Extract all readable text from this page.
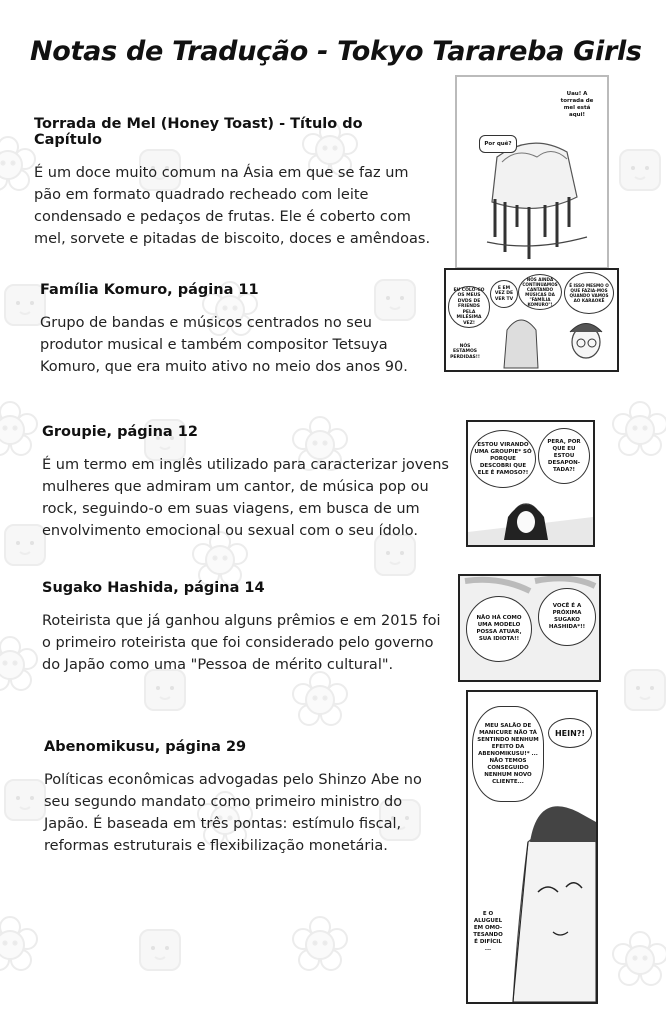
Notas de Tradução - Tokyo Tarareba Girls
Torrada de Mel (Honey Toast) - Título do Capítulo

É um doce muito comum na Ásia em que se faz um pão em formato quadrado recheado com leite condensado e pedaços de frutas. Ele é coberto com mel, sorvete e pitadas de biscoito, doces e amêndoas.

Família Komuro, página 11

Grupo de bandas e músicos centrados no seu produtor musical e também compositor Tetsuya Komuro, que era muito ativo no meio dos anos 90.

Groupie, página 12

É um termo em inglês utilizado para caracterizar jovens mulheres que admiram um cantor, de música pop ou rock, seguindo-o em suas viagens, em busca de um envolvimento emocional ou sexual com o seu ídolo.

Sugako Hashida, página 14

Roteirista que já ganhou alguns prêmios e em 2015 foi o primeiro roteirista que foi considerado pelo governo do Japão como uma "Pessoa de mérito cultural".

Abenomikusu, página 29

Políticas econômicas advogadas pelo Shinzo Abe no seu segundo mandato como primeiro ministro do Japão. É baseada em três pontas: estímulo fiscal, reformas estruturais e flexibilização monetária.

Uau! A torrada de mel está aqui!
Por quê?
EU COLO-CO OS MEUS DVDS DE FRIENDS PELA MILÉSIMA VEZ!
E EM VEZ DE VER TV
NÓS AINDA CONTINUAMOS CANTANDO MÚSICAS DA "FAMÍLIA KOMURO"!
É ISSO MESMO O QUE FAZIA-MOS QUANDO VAMOS AO KARAOKÊ
NÓS ESTAMOS PERDIDAS!!
ESTOU VIRANDO UMA GROUPIE* SÓ PORQUE DESCOBRI QUE ELE É FAMOSO?!
PERA, POR QUE EU ESTOU DESAPON-TADA?!
NÃO HÁ COMO UMA MODELO POSSA ATUAR, SUA IDIOTA!!
VOCÊ É A PRÓXIMA SUGAKO HASHIDA*!!
MEU SALÃO DE MANICURE NÃO TÁ SENTINDO NENHUM EFEITO DA ABENOMIKUSU!* ... NÃO TEMOS CONSEGUIDO NENHUM NOVO CLIENTE...
HEIN?!
E O ALUGUEL EM OMO-TESANDO É DIFÍCIL ...
